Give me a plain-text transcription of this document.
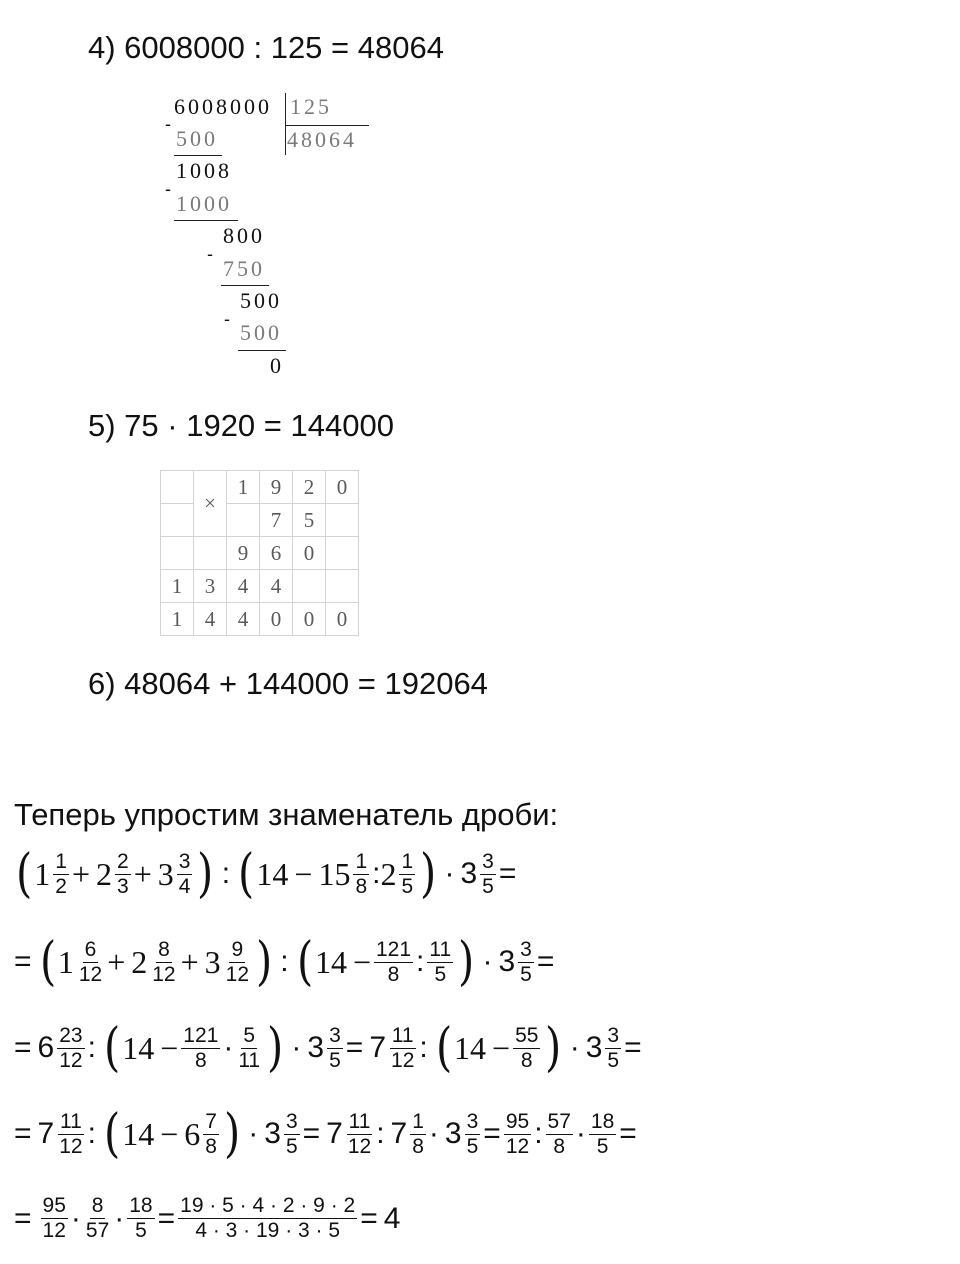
4) 6008000 : 125 = 48064
6008000 125
48064
-
500
1008
-
1000
800
-
750
500
-
500
0
5) 75 · 1920 = 144000
	×	1	9	2	0
			7	5	
		9	6	0	
1	3	4	4		
1	4	4	0	0	0
6) 48064 + 144000 = 192064
Теперь упростим знаменатель дроби:
( $1 \frac{1}{2} + 2 \frac{2}{3} + 3 \frac{3}{4}$ ) : ( $14 - 15 \frac{1}{8}$ : $2 \frac{1}{5}$ ) · $3 \frac{3}{5}$ =
= ( $1 \frac{6}{12} + 2 \frac{8}{12} + 3 \frac{9}{12}$ ) : ( $14 - \frac{121}{8}$ : $\frac{11}{5}$ ) · $3 \frac{3}{5}$ =
= $6 \frac{23}{12}$ : ( $14 - \frac{121}{8} \cdot \frac{5}{11}$ ) · $3 \frac{3}{5} = 7 \frac{11}{12}$ : ( $14 - \frac{55}{8}$ ) · $3 \frac{3}{5}$ =
= $7 \frac{11}{12}$ : ( $14 - 6 \frac{7}{8}$ ) · $3 \frac{3}{5} = 7 \frac{11}{12}$ : $7 \frac{1}{8} \cdot 3 \frac{3}{5} = \frac{95}{12}$ : $\frac{57}{8} \cdot \frac{18}{5}$ =
= $\frac{95}{12} \cdot \frac{8}{57} \cdot \frac{18}{5} = \frac{19 \cdot 5 \cdot 4 \cdot 2 \cdot 9 \cdot 2}{4 \cdot 3 \cdot 19 \cdot 3 \cdot 5} = 4$
